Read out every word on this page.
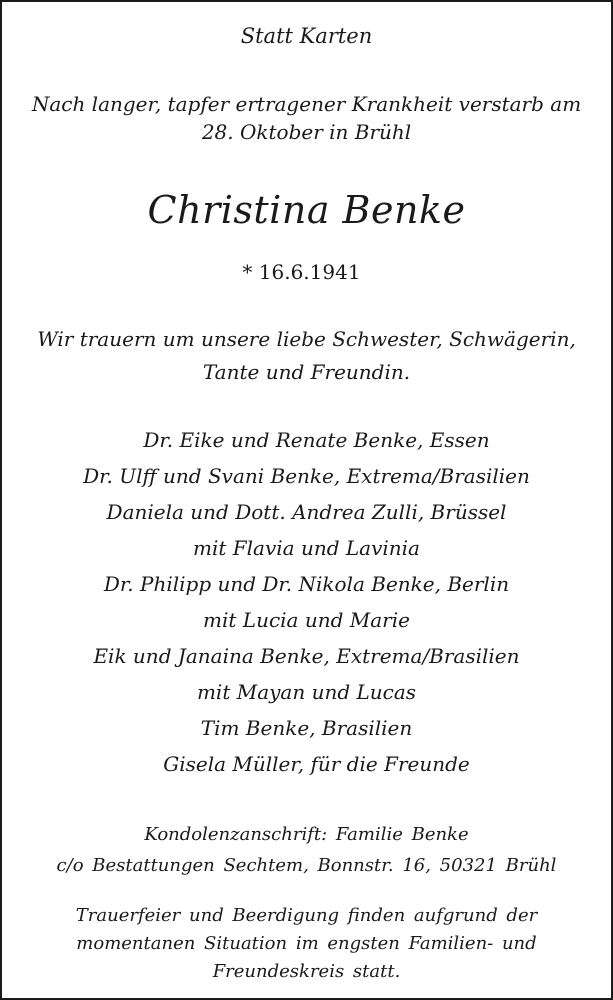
Statt Karten
Nach langer, tapfer ertragener Krankheit verstarb am
28. Oktober in Brühl
Christina Benke
* 16.6.1941
Wir trauern um unsere liebe Schwester, Schwägerin,
Tante und Freundin.
Dr. Eike und Renate Benke, Essen
Dr. Ulff und Svani Benke, Extrema/Brasilien
Daniela und Dott. Andrea Zulli, Brüssel
mit Flavia und Lavinia
Dr. Philipp und Dr. Nikola Benke, Berlin
mit Lucia und Marie
Eik und Janaina Benke, Extrema/Brasilien
mit Mayan und Lucas
Tim Benke, Brasilien
Gisela Müller, für die Freunde
Kondolenzanschrift: Familie Benke
c/o Bestattungen Sechtem, Bonnstr. 16, 50321 Brühl
Trauerfeier und Beerdigung finden aufgrund der
momentanen Situation im engsten Familien- und
Freundeskreis statt.
